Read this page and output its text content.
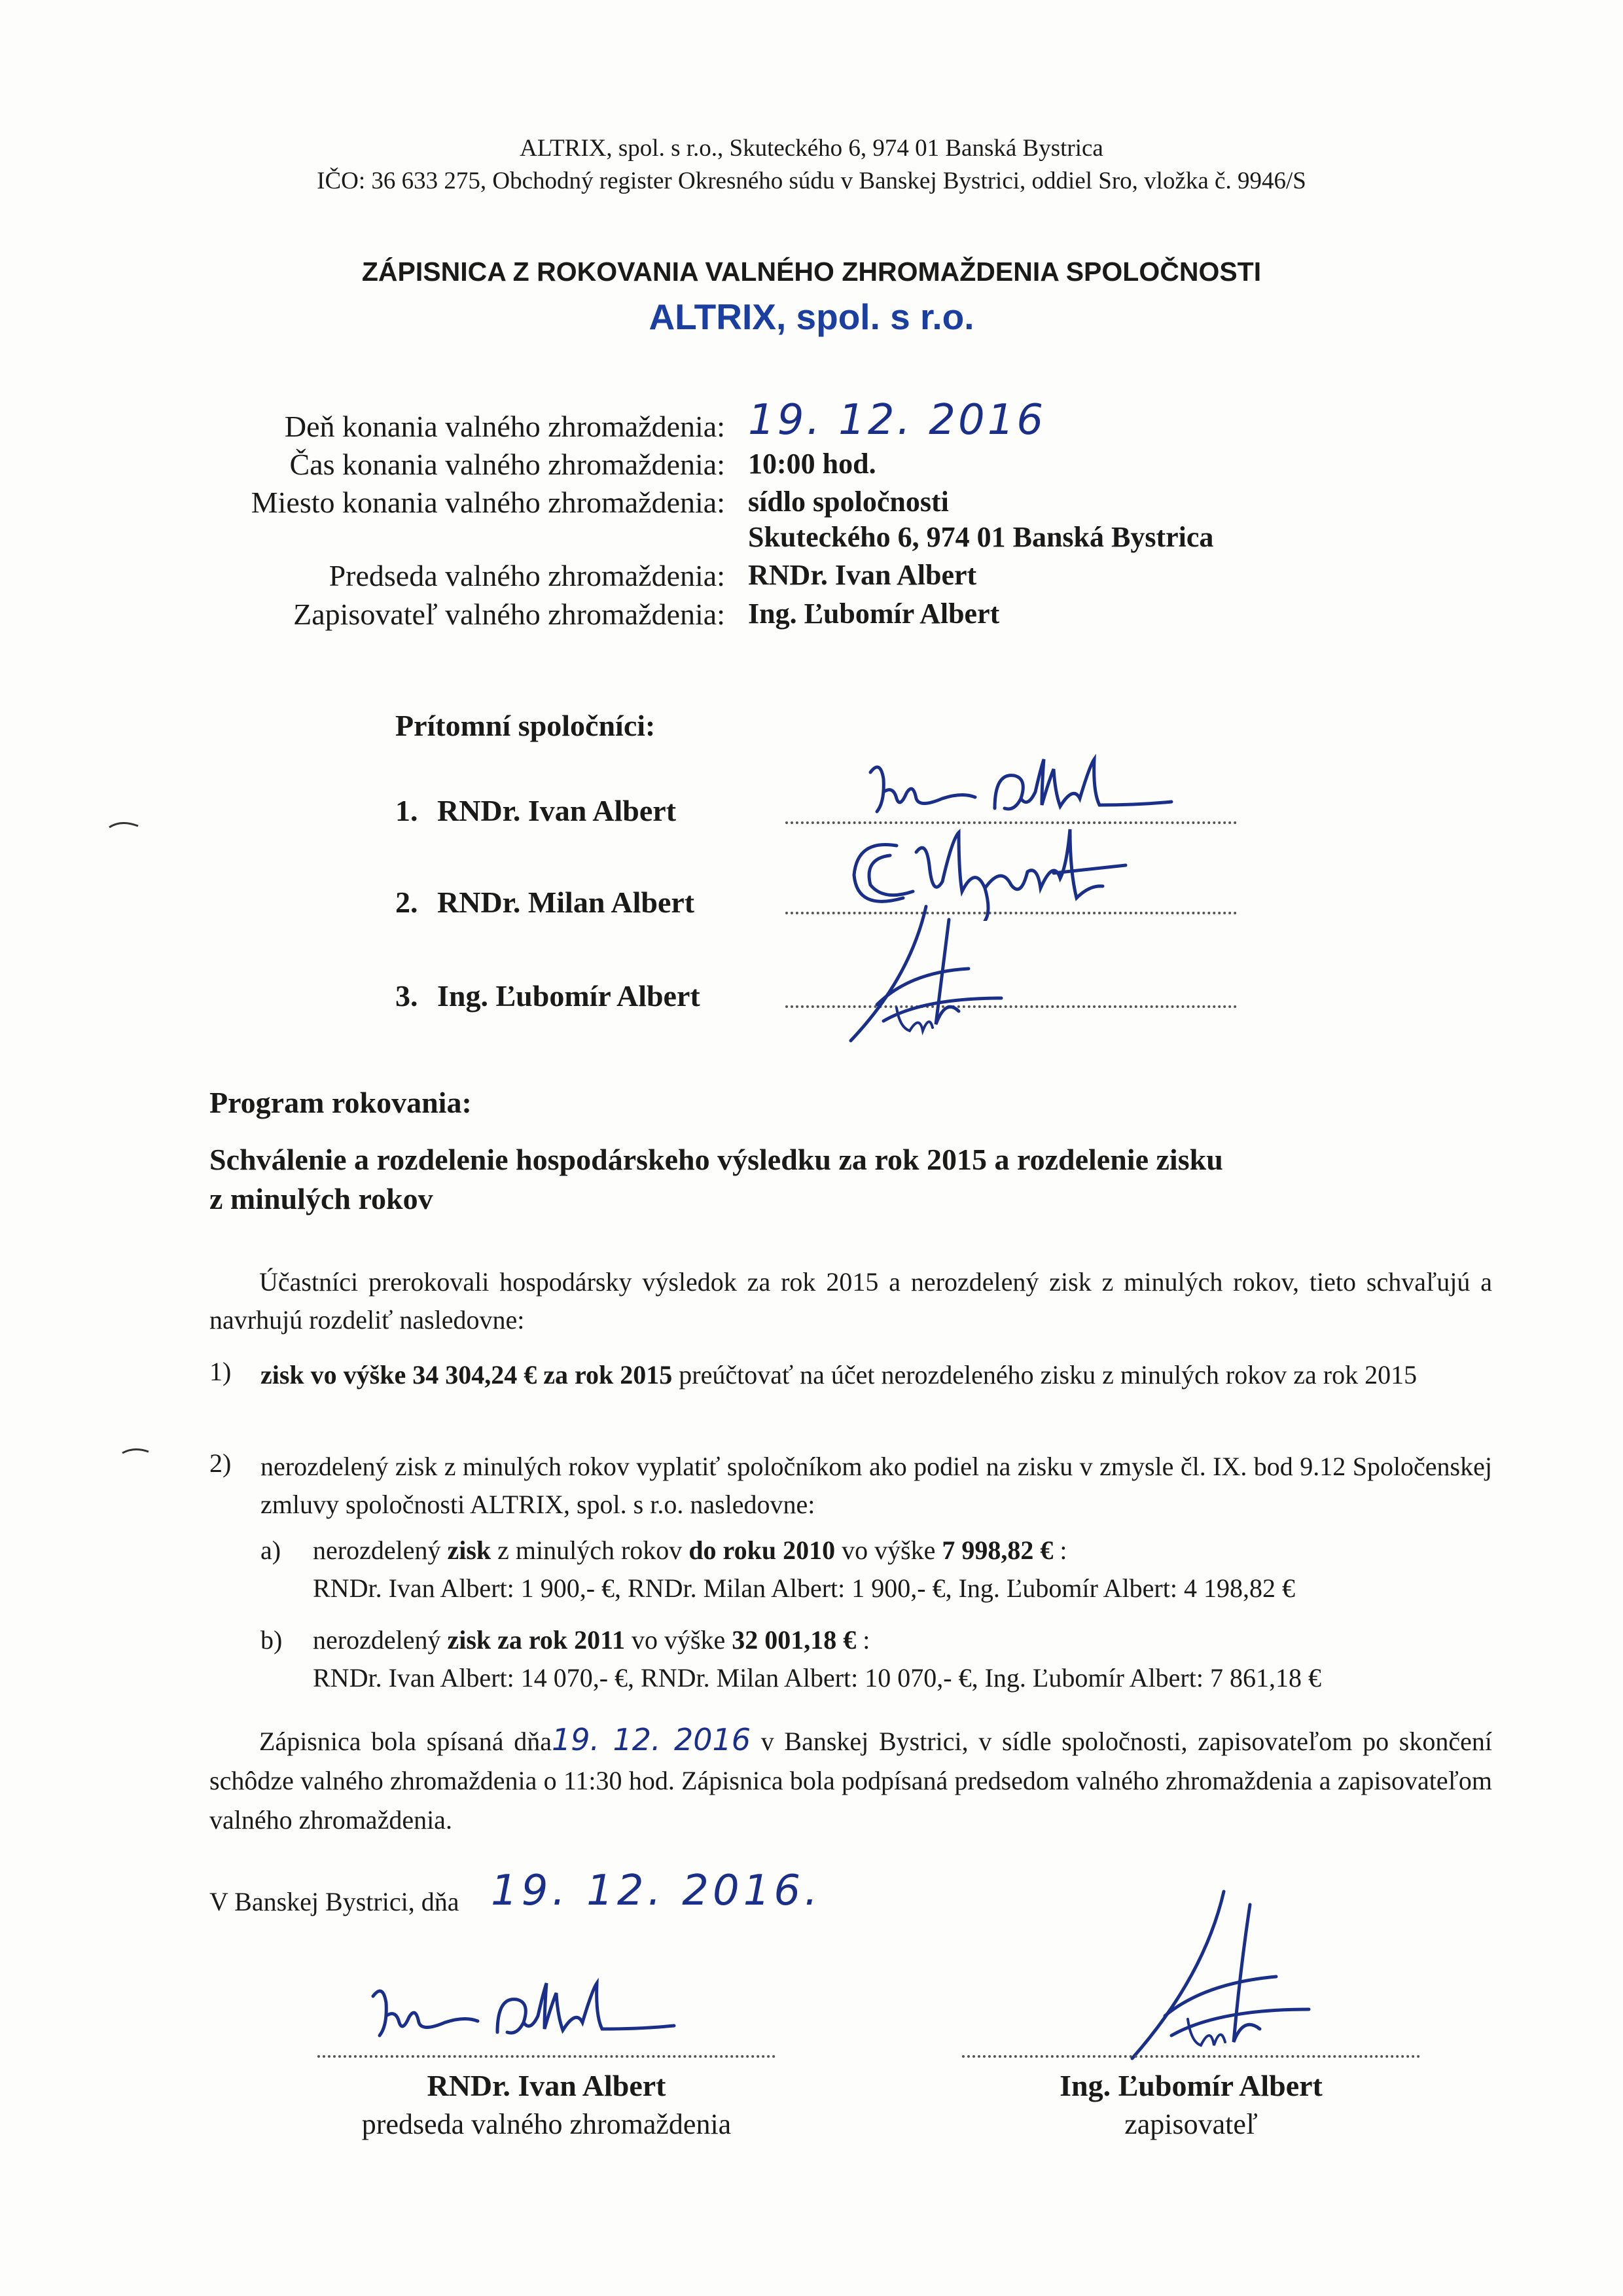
ALTRIX, spol. s r.o., Skuteckého 6, 974 01 Banská Bystrica
IČO: 36 633 275, Obchodný register Okresného súdu v Banskej Bystrici, oddiel Sro, vložka č. 9946/S
ZÁPISNICA Z ROKOVANIA VALNÉHO ZHROMAŽDENIA SPOLOČNOSTI
ALTRIX, spol. s r.o.
Deň konania valného zhromaždenia: 19. 12. 2016
Čas konania valného zhromaždenia: 10:00 hod.
Miesto konania valného zhromaždenia: sídlo spoločnosti
Skuteckého 6, 974 01 Banská Bystrica
Predseda valného zhromaždenia: RNDr. Ivan Albert
Zapisovateľ valného zhromaždenia: Ing. Ľubomír Albert
Prítomní spoločníci:
1. RNDr. Ivan Albert
2. RNDr. Milan Albert
3. Ing. Ľubomír Albert
Program rokovania:
Schválenie a rozdelenie hospodárskeho výsledku za rok 2015 a rozdelenie zisku
z minulých rokov
Účastníci prerokovali hospodársky výsledok za rok 2015 a nerozdelený zisk z minulých rokov, tieto schvaľujú a navrhujú rozdeliť nasledovne:
1) zisk vo výške 34 304,24 € za rok 2015 preúčtovať na účet nerozdeleného zisku z minulých rokov za rok 2015
2) nerozdelený zisk z minulých rokov vyplatiť spoločníkom ako podiel na zisku v zmysle čl. IX. bod 9.12 Spoločenskej zmluvy spoločnosti ALTRIX, spol. s r.o. nasledovne:
a) nerozdelený zisk z minulých rokov do roku 2010 vo výške 7 998,82 € :
RNDr. Ivan Albert: 1 900,- €, RNDr. Milan Albert: 1 900,- €, Ing. Ľubomír Albert: 4 198,82 €
b) nerozdelený zisk za rok 2011 vo výške 32 001,18 € :
RNDr. Ivan Albert: 14 070,- €, RNDr. Milan Albert: 10 070,- €, Ing. Ľubomír Albert: 7 861,18 €
Zápisnica bola spísaná dňa19. 12. 2016 v Banskej Bystrici, v sídle spoločnosti, zapisovateľom po skončení schôdze valného zhromaždenia o 11:30 hod. Zápisnica bola podpísaná predsedom valného zhromaždenia a zapisovateľom valného zhromaždenia.
V Banskej Bystrici, dňa 19. 12. 2016.
RNDr. Ivan Albert
predseda valného zhromaždenia
Ing. Ľubomír Albert
zapisovateľ
